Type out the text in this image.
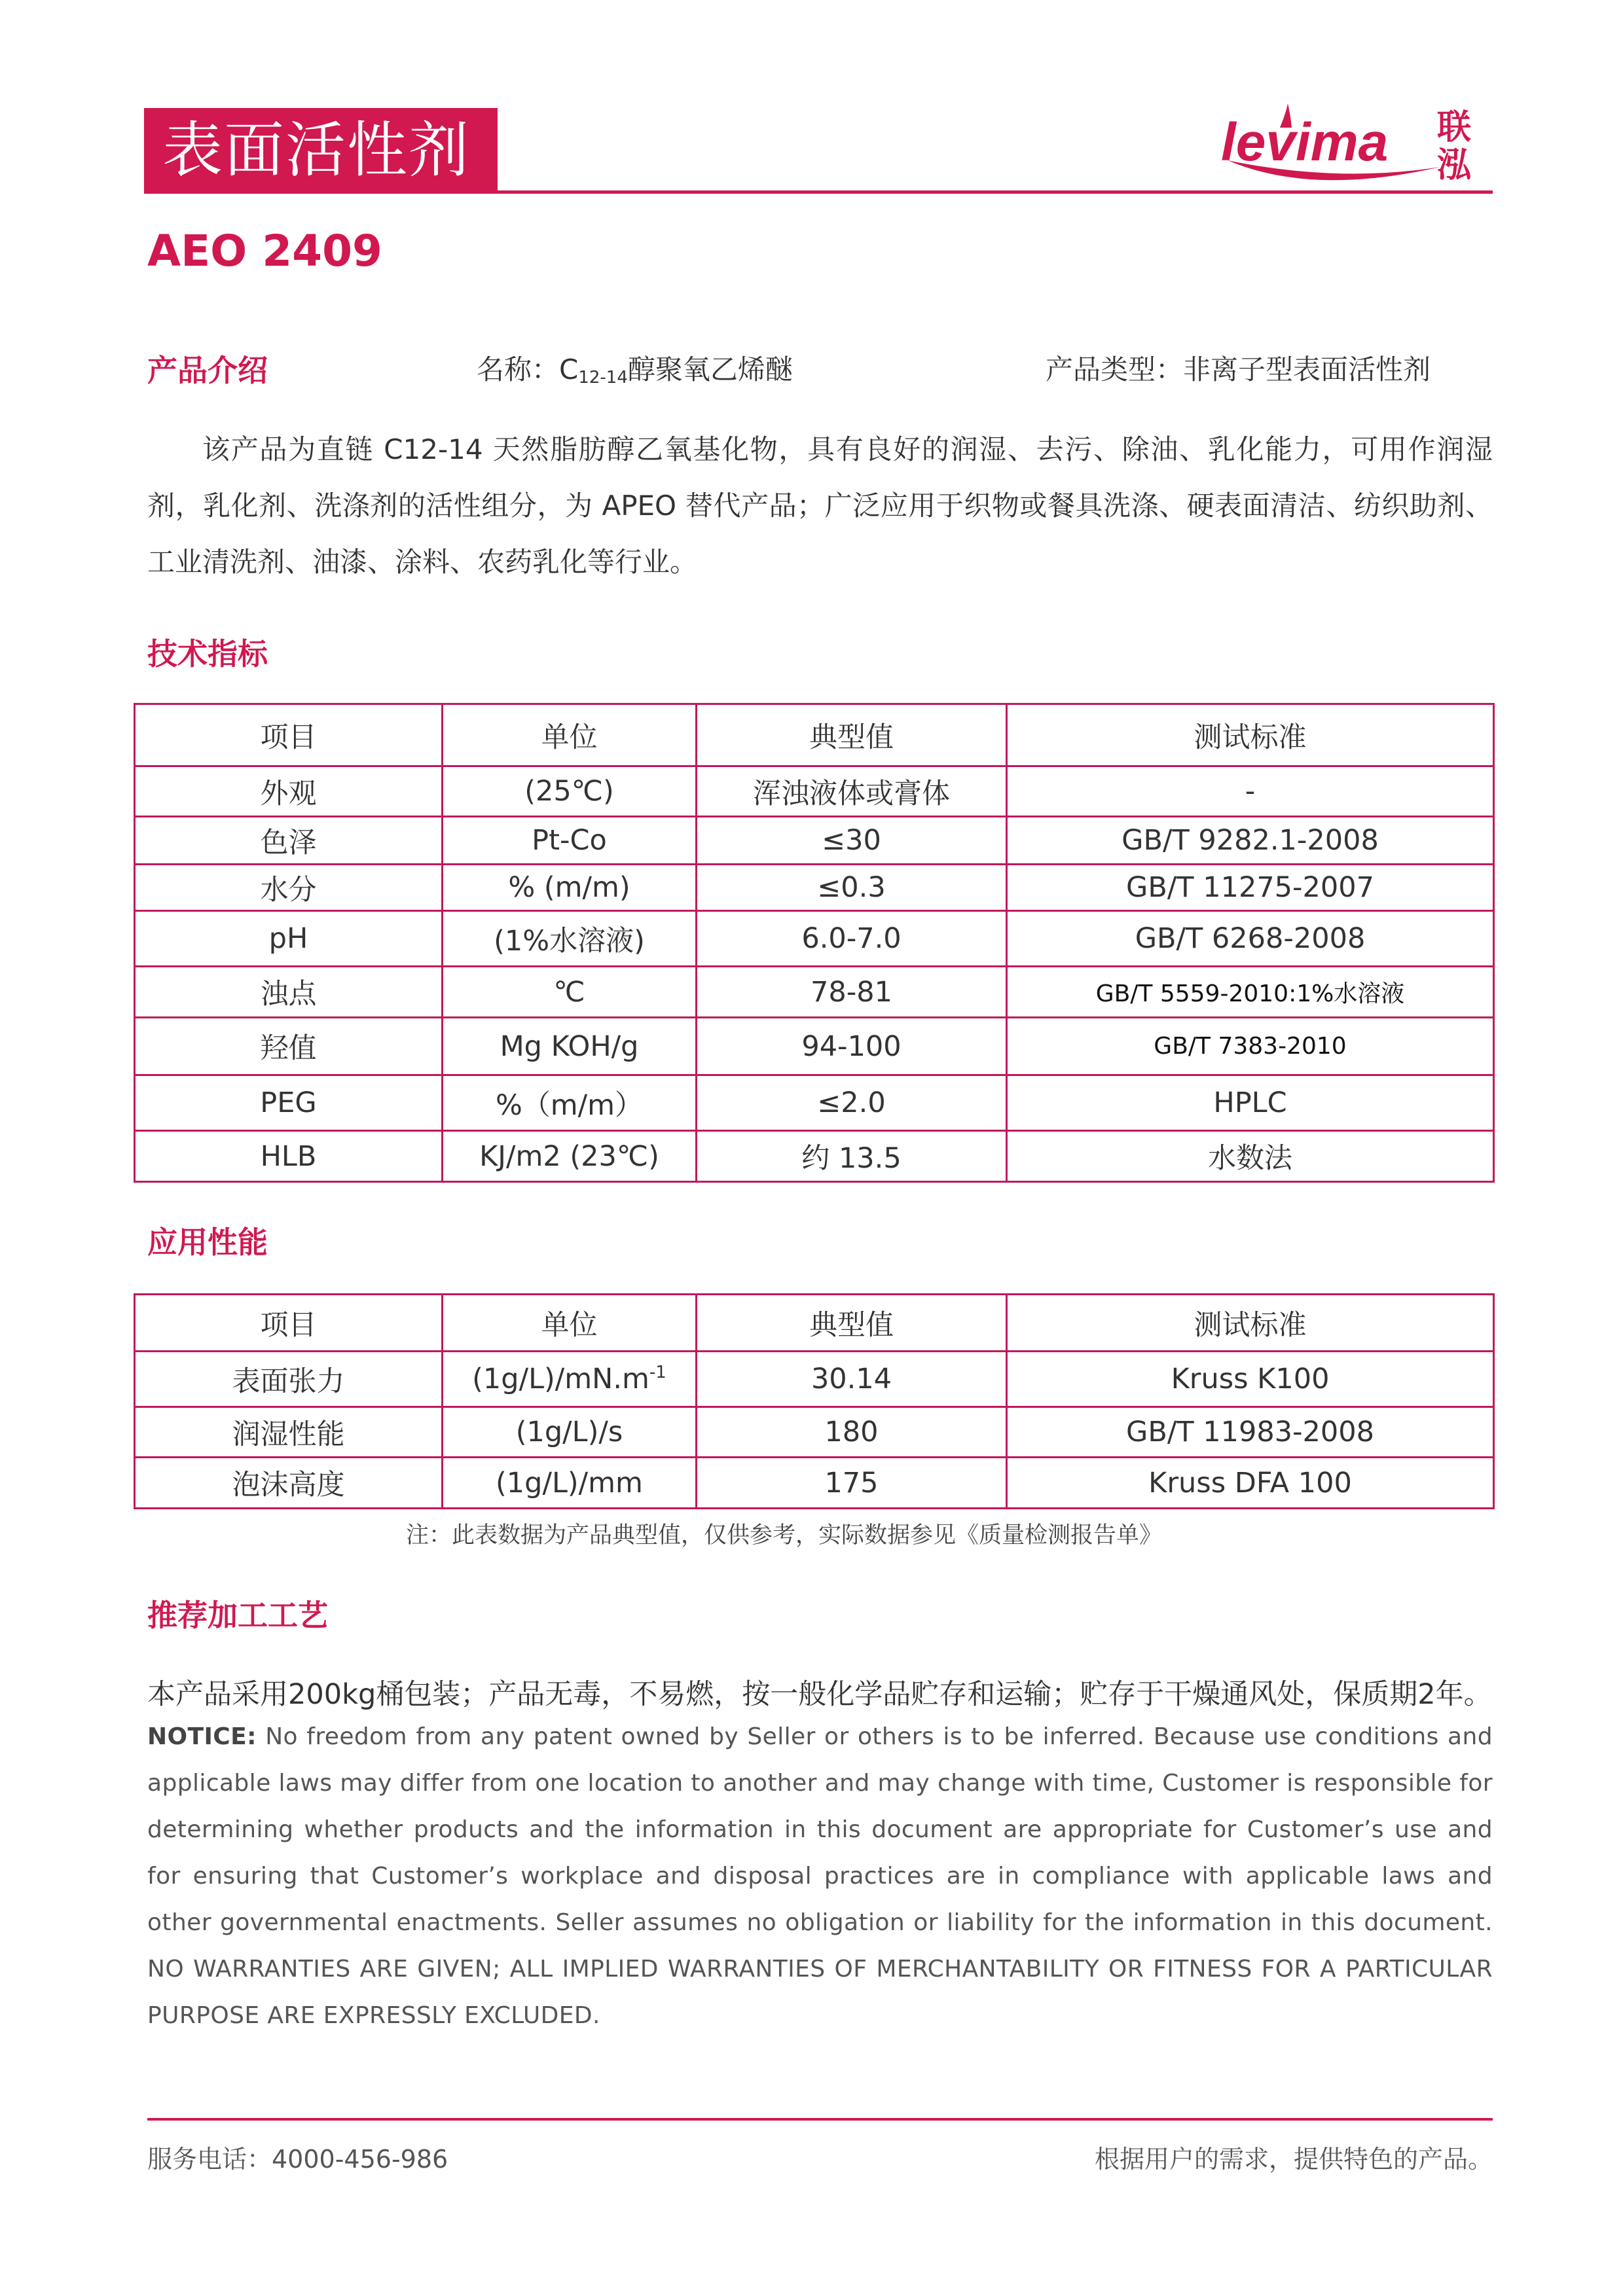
表面活性剂	levima 联
泓
AEO 2409
产品介绍	名称：$C_{12-14}$醇聚氧乙烯醚	产品类型：非离子型表面活性剂
该产品为直链 C12-14 天然脂肪醇乙氧基化物，具有良好的润湿、去污、除油、乳化能力，可用作润湿剂，乳化剂、洗涤剂的活性组分，为 APEO 替代产品；广泛应用于织物或餐具洗涤、硬表面清洁、纺织助剂、工业清洗剂、油漆、涂料、农药乳化等行业。
技术指标
项目	单位	典型值	测试标准
外观	(25℃)	浑浊液体或膏体	-
色泽	Pt-Co	≤30	GB/T 9282.1-2008
水分	% (m/m)	≤0.3	GB/T 11275-2007
pH	(1%水溶液)	6.0-7.0	GB/T 6268-2008
浊点	℃	78-81	GB/T 5559-2010:1%水溶液
羟值	Mg KOH/g	94-100	GB/T 7383-2010
PEG	%（m/m）	≤2.0	HPLC
HLB	KJ/m2 (23℃)	约 13.5	水数法
应用性能
项目	单位	典型值	测试标准
表面张力	$(1g/L)/mN.m^{-1}$	30.14	Kruss K100
润湿性能	(1g/L)/s	180	GB/T 11983-2008
泡沫高度	(1g/L)/mm	175	Kruss DFA 100
注：此表数据为产品典型值，仅供参考，实际数据参见《质量检测报告单》
推荐加工工艺
本产品采用200kg桶包装；产品无毒，不易燃，按一般化学品贮存和运输；贮存于干燥通风处，保质期2年。
NOTICE: No freedom from any patent owned by Seller or others is to be inferred. Because use conditions and applicable laws may differ from one location to another and may change with time, Customer is responsible for determining whether products and the information in this document are appropriate for Customer’s use and for ensuring that Customer’s workplace and disposal practices are in compliance with applicable laws and other governmental enactments. Seller assumes no obligation or liability for the information in this document. NO WARRANTIES ARE GIVEN; ALL IMPLIED WARRANTIES OF MERCHANTABILITY OR FITNESS FOR A PARTICULAR PURPOSE ARE EXPRESSLY EXCLUDED.
服务电话：4000-456-986	根据用户的需求，提供特色的产品。
